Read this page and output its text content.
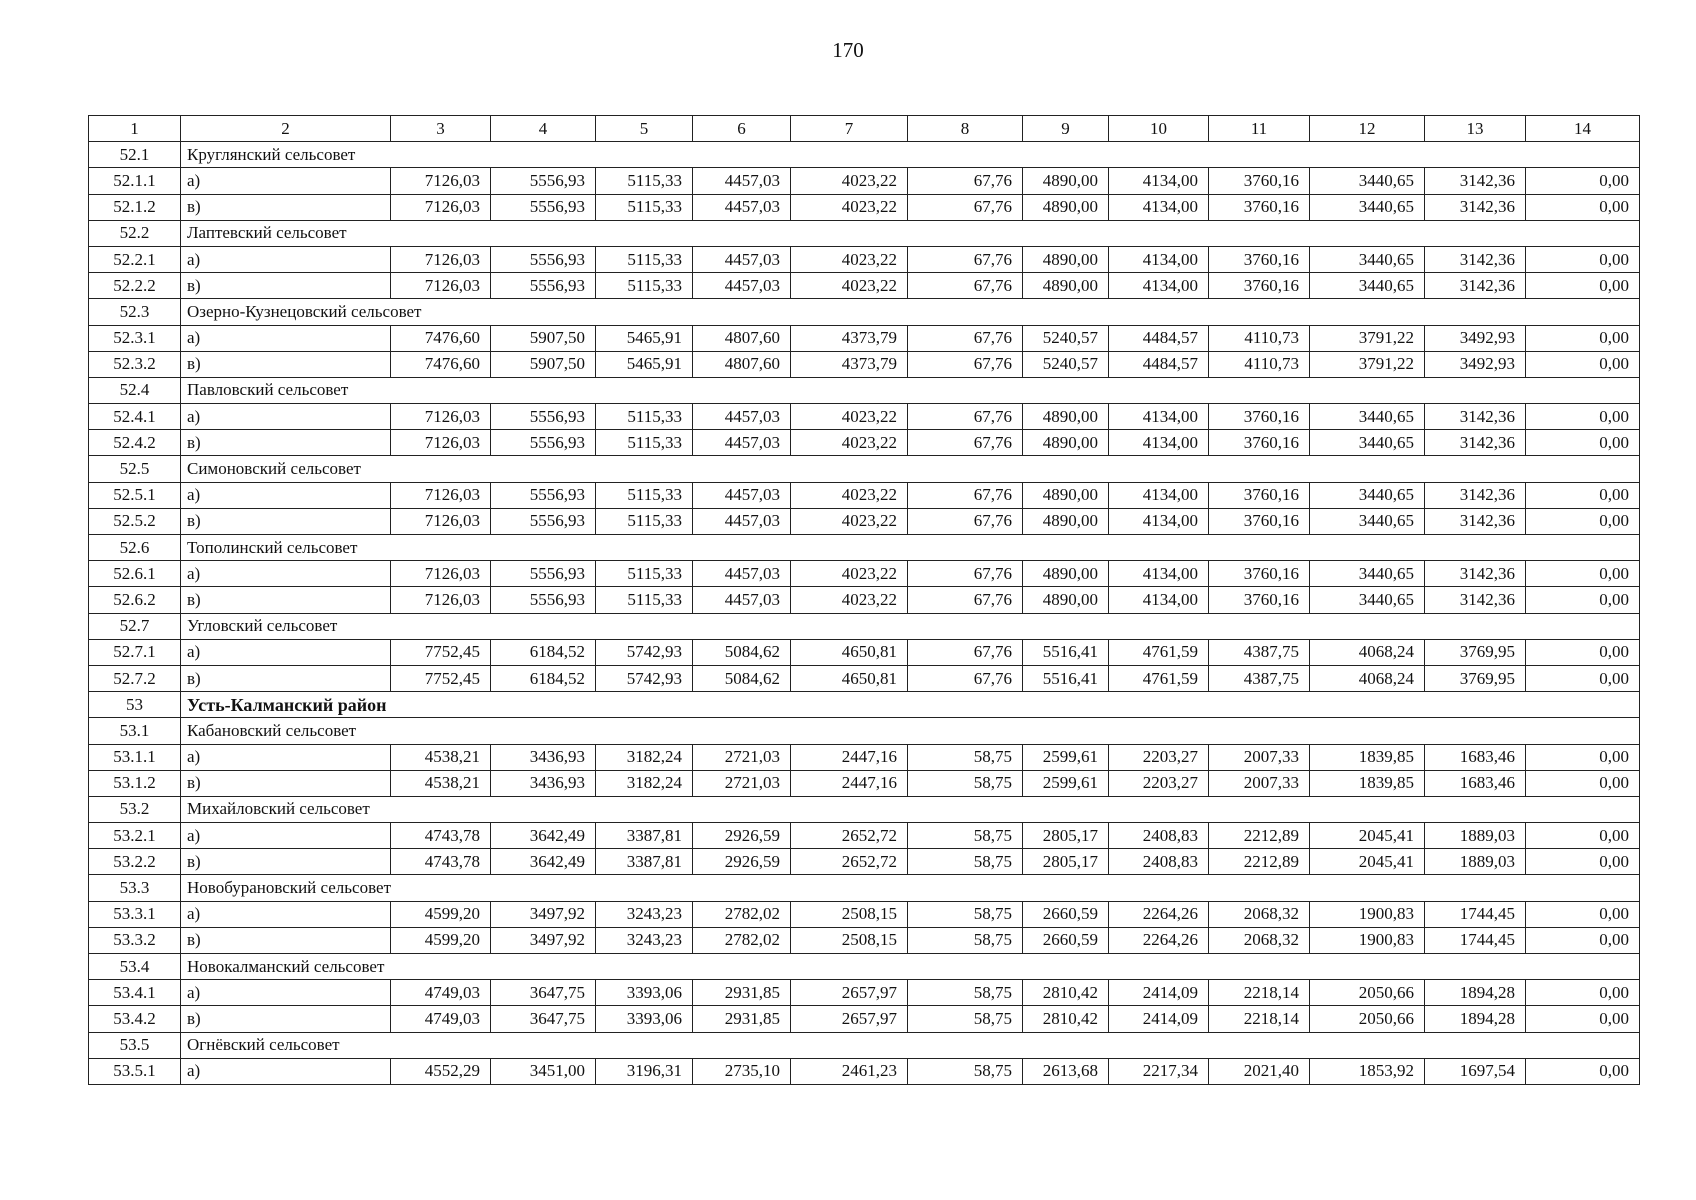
170
1	2	3	4	5	6	7	8	9	10	11	12	13	14
52.1	Круглянский сельсовет												
52.1.1	а)	7126,03	5556,93	5115,33	4457,03	4023,22	67,76	4890,00	4134,00	3760,16	3440,65	3142,36	0,00
52.1.2	в)	7126,03	5556,93	5115,33	4457,03	4023,22	67,76	4890,00	4134,00	3760,16	3440,65	3142,36	0,00
52.2	Лаптевский сельсовет												
52.2.1	а)	7126,03	5556,93	5115,33	4457,03	4023,22	67,76	4890,00	4134,00	3760,16	3440,65	3142,36	0,00
52.2.2	в)	7126,03	5556,93	5115,33	4457,03	4023,22	67,76	4890,00	4134,00	3760,16	3440,65	3142,36	0,00
52.3	Озерно-Кузнецовский сельсовет												
52.3.1	а)	7476,60	5907,50	5465,91	4807,60	4373,79	67,76	5240,57	4484,57	4110,73	3791,22	3492,93	0,00
52.3.2	в)	7476,60	5907,50	5465,91	4807,60	4373,79	67,76	5240,57	4484,57	4110,73	3791,22	3492,93	0,00
52.4	Павловский сельсовет												
52.4.1	а)	7126,03	5556,93	5115,33	4457,03	4023,22	67,76	4890,00	4134,00	3760,16	3440,65	3142,36	0,00
52.4.2	в)	7126,03	5556,93	5115,33	4457,03	4023,22	67,76	4890,00	4134,00	3760,16	3440,65	3142,36	0,00
52.5	Симоновский сельсовет												
52.5.1	а)	7126,03	5556,93	5115,33	4457,03	4023,22	67,76	4890,00	4134,00	3760,16	3440,65	3142,36	0,00
52.5.2	в)	7126,03	5556,93	5115,33	4457,03	4023,22	67,76	4890,00	4134,00	3760,16	3440,65	3142,36	0,00
52.6	Тополинский сельсовет												
52.6.1	а)	7126,03	5556,93	5115,33	4457,03	4023,22	67,76	4890,00	4134,00	3760,16	3440,65	3142,36	0,00
52.6.2	в)	7126,03	5556,93	5115,33	4457,03	4023,22	67,76	4890,00	4134,00	3760,16	3440,65	3142,36	0,00
52.7	Угловский сельсовет												
52.7.1	а)	7752,45	6184,52	5742,93	5084,62	4650,81	67,76	5516,41	4761,59	4387,75	4068,24	3769,95	0,00
52.7.2	в)	7752,45	6184,52	5742,93	5084,62	4650,81	67,76	5516,41	4761,59	4387,75	4068,24	3769,95	0,00
53	Усть-Калманский район												
53.1	Кабановский сельсовет												
53.1.1	а)	4538,21	3436,93	3182,24	2721,03	2447,16	58,75	2599,61	2203,27	2007,33	1839,85	1683,46	0,00
53.1.2	в)	4538,21	3436,93	3182,24	2721,03	2447,16	58,75	2599,61	2203,27	2007,33	1839,85	1683,46	0,00
53.2	Михайловский сельсовет												
53.2.1	а)	4743,78	3642,49	3387,81	2926,59	2652,72	58,75	2805,17	2408,83	2212,89	2045,41	1889,03	0,00
53.2.2	в)	4743,78	3642,49	3387,81	2926,59	2652,72	58,75	2805,17	2408,83	2212,89	2045,41	1889,03	0,00
53.3	Новобурановский сельсовет												
53.3.1	а)	4599,20	3497,92	3243,23	2782,02	2508,15	58,75	2660,59	2264,26	2068,32	1900,83	1744,45	0,00
53.3.2	в)	4599,20	3497,92	3243,23	2782,02	2508,15	58,75	2660,59	2264,26	2068,32	1900,83	1744,45	0,00
53.4	Новокалманский сельсовет												
53.4.1	а)	4749,03	3647,75	3393,06	2931,85	2657,97	58,75	2810,42	2414,09	2218,14	2050,66	1894,28	0,00
53.4.2	в)	4749,03	3647,75	3393,06	2931,85	2657,97	58,75	2810,42	2414,09	2218,14	2050,66	1894,28	0,00
53.5	Огнёвский сельсовет												
53.5.1	а)	4552,29	3451,00	3196,31	2735,10	2461,23	58,75	2613,68	2217,34	2021,40	1853,92	1697,54	0,00
